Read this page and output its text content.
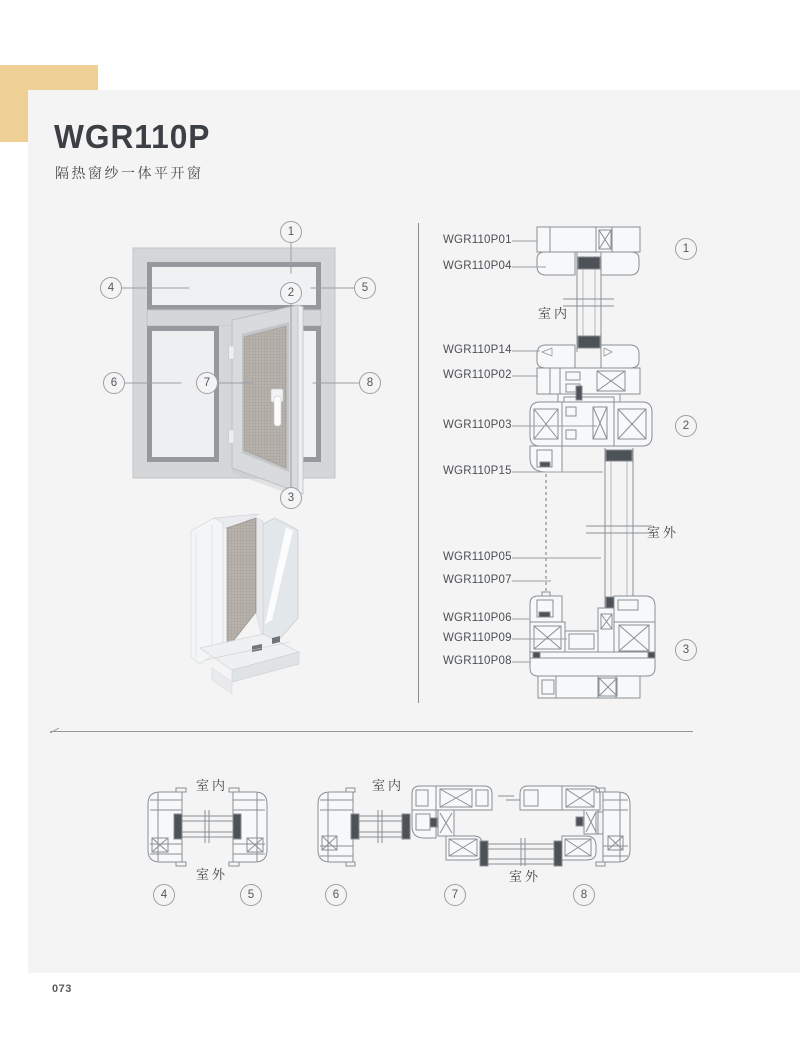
WGR110P
隔热窗纱一体平开窗
073
1
2
3
4	5
6	7	8
WGR110P01
WGR110P04
WGR110P14
WGR110P02
WGR110P03
WGR110P15
WGR110P05
WGR110P07
WGR110P06
WGR110P09
WGR110P08
室内
室外
1
2
3
室内
室外
4	5
室内
室外
6	7	8
